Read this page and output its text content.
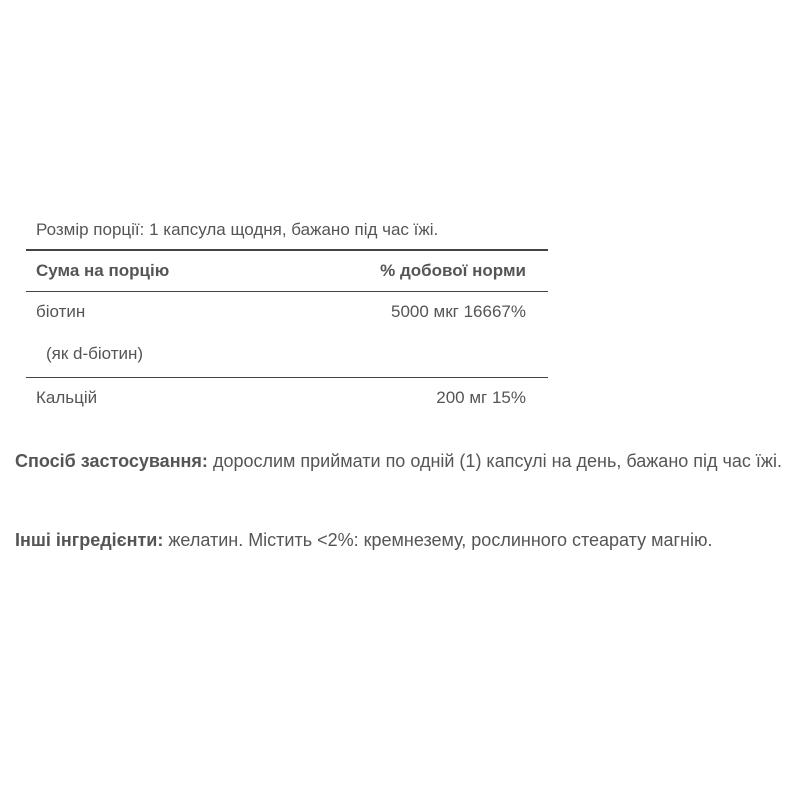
Розмір порції: 1 капсула щодня, бажано під час їжі.
Сума на порцію	% добової норми
біотин	5000 мкг 16667%
(як d-біотин)
Кальцій	200 мг 15%

Спосіб застосування: дорослим приймати по одній (1) капсулі на день, бажано під час їжі.

Інші інгредієнти: желатин. Містить <2%: кремнезему, рослинного стеарату магнію.
